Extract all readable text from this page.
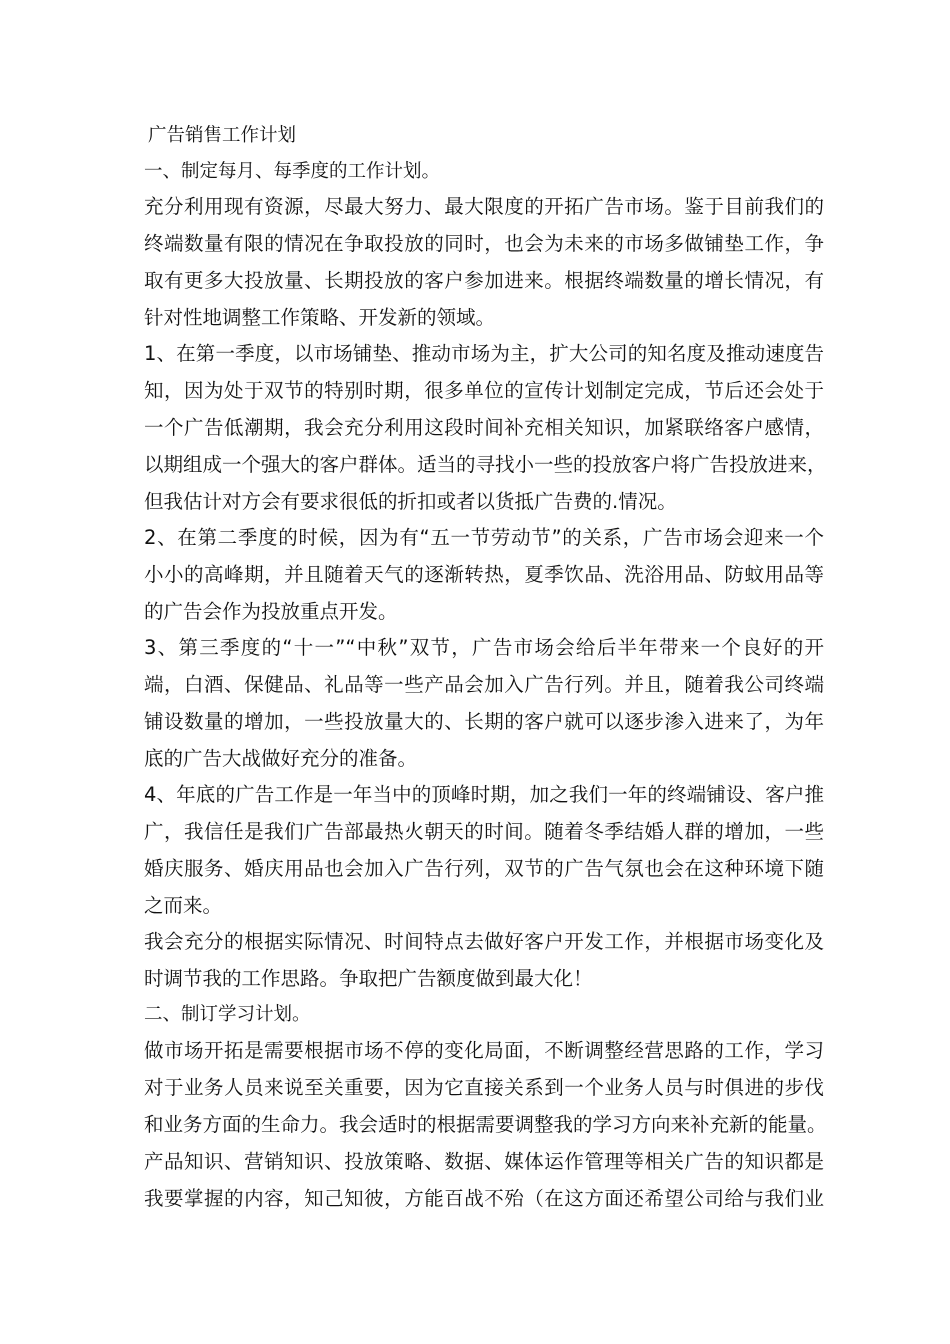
广告销售工作计划
一、制定每月、每季度的工作计划。
充分利用现有资源，尽最大努力、最大限度的开拓广告市场。鉴于目前我们的
终端数量有限的情况在争取投放的同时，也会为未来的市场多做铺垫工作，争
取有更多大投放量、长期投放的客户参加进来。根据终端数量的增长情况，有
针对性地调整工作策略、开发新的领域。
1、在第一季度，以市场铺垫、推动市场为主，扩大公司的知名度及推动速度告
知，因为处于双节的特别时期，很多单位的宣传计划制定完成，节后还会处于
一个广告低潮期，我会充分利用这段时间补充相关知识，加紧联络客户感情，
以期组成一个强大的客户群体。适当的寻找小一些的投放客户将广告投放进来，
但我估计对方会有要求很低的折扣或者以货抵广告费的.情况。
2、在第二季度的时候，因为有“五一节劳动节”的关系，广告市场会迎来一个
小小的高峰期，并且随着天气的逐渐转热，夏季饮品、洗浴用品、防蚊用品等
的广告会作为投放重点开发。
3、第三季度的“十一”“中秋”双节，广告市场会给后半年带来一个良好的开
端，白酒、保健品、礼品等一些产品会加入广告行列。并且，随着我公司终端
铺设数量的增加，一些投放量大的、长期的客户就可以逐步渗入进来了，为年
底的广告大战做好充分的准备。
4、年底的广告工作是一年当中的顶峰时期，加之我们一年的终端铺设、客户推
广，我信任是我们广告部最热火朝天的时间。随着冬季结婚人群的增加，一些
婚庆服务、婚庆用品也会加入广告行列，双节的广告气氛也会在这种环境下随
之而来。
我会充分的根据实际情况、时间特点去做好客户开发工作，并根据市场变化及
时调节我的工作思路。争取把广告额度做到最大化！
二、制订学习计划。
做市场开拓是需要根据市场不停的变化局面，不断调整经营思路的工作，学习
对于业务人员来说至关重要，因为它直接关系到一个业务人员与时俱进的步伐
和业务方面的生命力。我会适时的根据需要调整我的学习方向来补充新的能量。
产品知识、营销知识、投放策略、数据、媒体运作管理等相关广告的知识都是
我要掌握的内容，知己知彼，方能百战不殆（在这方面还希望公司给与我们业
